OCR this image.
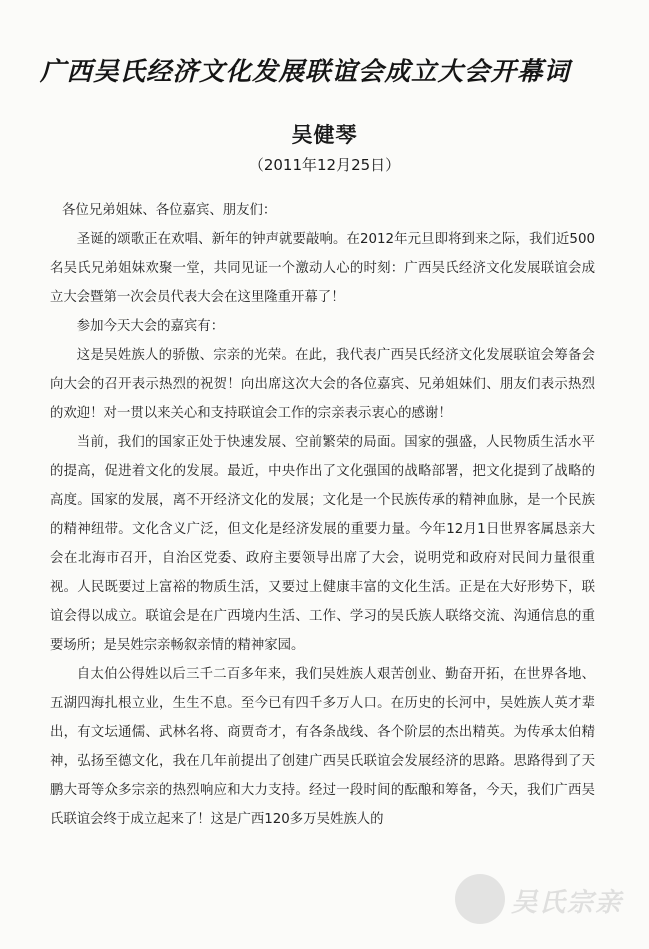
广西吴氏经济文化发展联谊会成立大会开幕词
吴健琴
（2011年12月25日）

各位兄弟姐妹、各位嘉宾、朋友们：

圣诞的颂歌正在欢唱、新年的钟声就要敲响。在2012年元旦即将到来之际，我们近500名吴氏兄弟姐妹欢聚一堂，共同见证一个激动人心的时刻：广西吴氏经济文化发展联谊会成立大会暨第一次会员代表大会在这里隆重开幕了！

参加今天大会的嘉宾有：

这是吴姓族人的骄傲、宗亲的光荣。在此，我代表广西吴氏经济文化发展联谊会筹备会向大会的召开表示热烈的祝贺！向出席这次大会的各位嘉宾、兄弟姐妹们、朋友们表示热烈的欢迎！对一贯以来关心和支持联谊会工作的宗亲表示衷心的感谢！

当前，我们的国家正处于快速发展、空前繁荣的局面。国家的强盛，人民物质生活水平的提高，促进着文化的发展。最近，中央作出了文化强国的战略部署，把文化提到了战略的高度。国家的发展，离不开经济文化的发展；文化是一个民族传承的精神血脉，是一个民族的精神纽带。文化含义广泛，但文化是经济发展的重要力量。今年12月1日世界客属恳亲大会在北海市召开，自治区党委、政府主要领导出席了大会，说明党和政府对民间力量很重视。人民既要过上富裕的物质生活，又要过上健康丰富的文化生活。正是在大好形势下，联谊会得以成立。联谊会是在广西境内生活、工作、学习的吴氏族人联络交流、沟通信息的重要场所；是吴姓宗亲畅叙亲情的精神家园。

自太伯公得姓以后三千二百多年来，我们吴姓族人艰苦创业、勤奋开拓，在世界各地、五湖四海扎根立业，生生不息。至今已有四千多万人口。在历史的长河中，吴姓族人英才辈出，有文坛通儒、武林名将、商贾奇才，有各条战线、各个阶层的杰出精英。为传承太伯精神，弘扬至德文化，我在几年前提出了创建广西吴氏联谊会发展经济的思路。思路得到了天鹏大哥等众多宗亲的热烈响应和大力支持。经过一段时间的酝酿和筹备，今天，我们广西吴氏联谊会终于成立起来了！这是广西120多万吴姓族人的

吴氏宗亲
